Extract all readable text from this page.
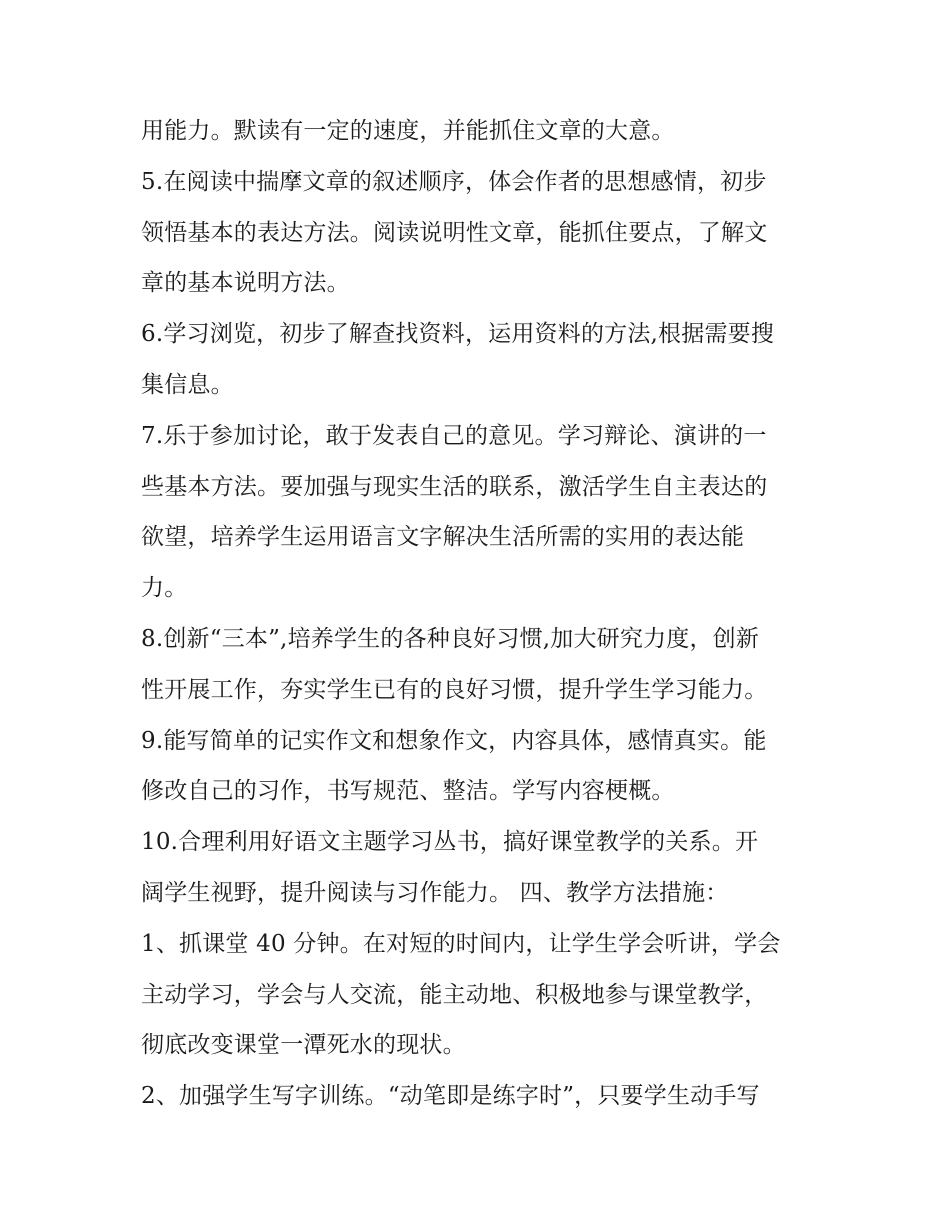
用能力。默读有一定的速度，并能抓住文章的大意。
5.在阅读中揣摩文章的叙述顺序，体会作者的思想感情，初步
领悟基本的表达方法。阅读说明性文章，能抓住要点，了解文
章的基本说明方法。
6.学习浏览，初步了解查找资料，运用资料的方法,根据需要搜
集信息。
7.乐于参加讨论，敢于发表自己的意见。学习辩论、演讲的一
些基本方法。要加强与现实生活的联系，激活学生自主表达的
欲望，培养学生运用语言文字解决生活所需的实用的表达能
力。
8.创新“三本”,培养学生的各种良好习惯,加大研究力度，创新
性开展工作，夯实学生已有的良好习惯，提升学生学习能力。
9.能写简单的记实作文和想象作文，内容具体，感情真实。能
修改自己的习作，书写规范、整洁。学写内容梗概。
10.合理利用好语文主题学习丛书，搞好课堂教学的关系。开
阔学生视野，提升阅读与习作能力。 四、教学方法措施：
1、抓课堂 40 分钟。在对短的时间内，让学生学会听讲，学会
主动学习，学会与人交流，能主动地、积极地参与课堂教学，
彻底改变课堂一潭死水的现状。
2、加强学生写字训练。“动笔即是练字时”，只要学生动手写
